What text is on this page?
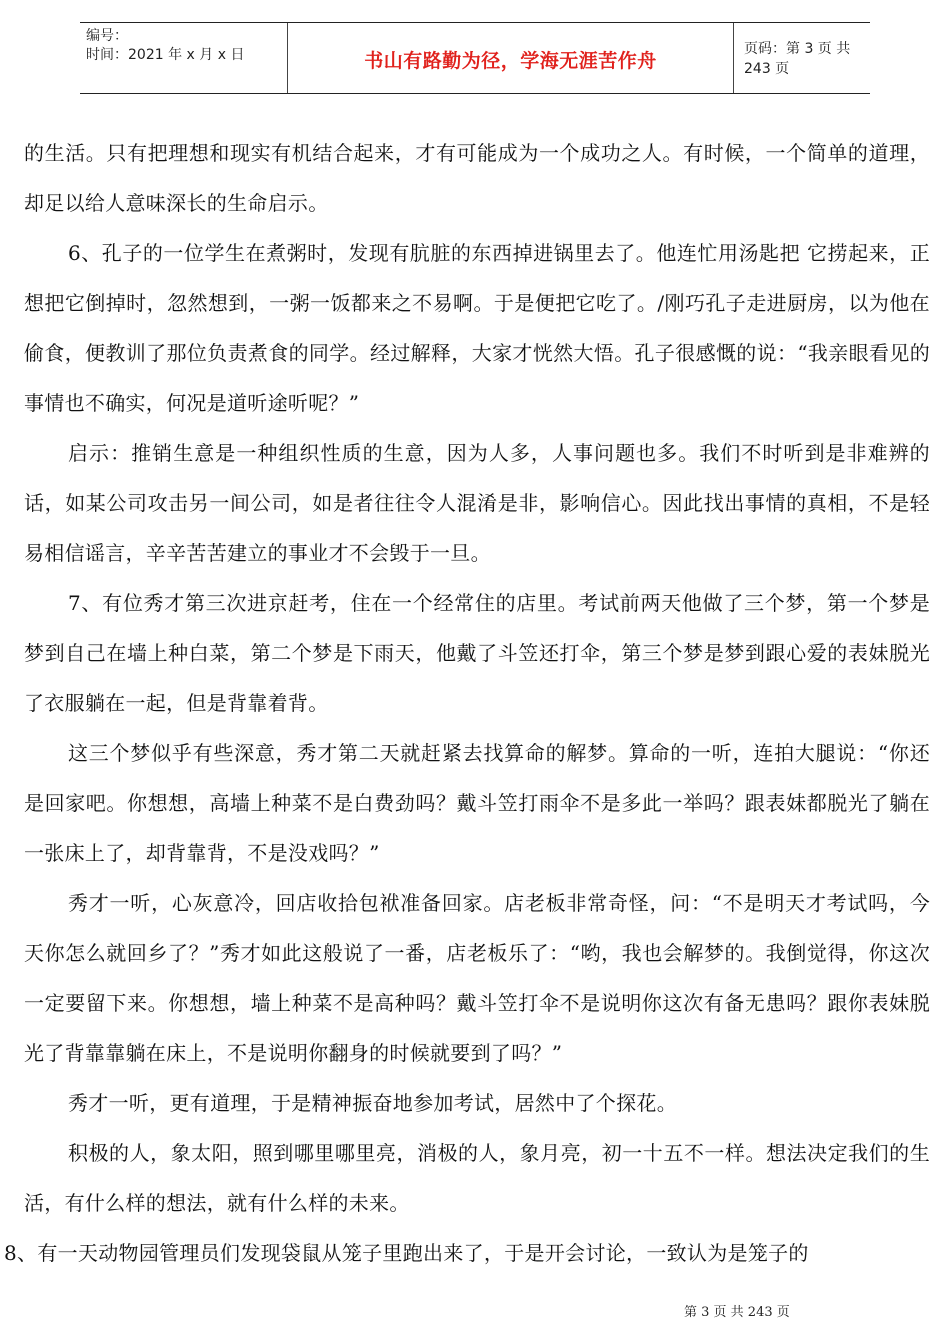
编号：
时间：2021 年 x 月 x 日	书山有路勤为径，学海无涯苦作舟
页码：第 3 页 共 243 页

的生活。只有把理想和现实有机结合起来，才有可能成为一个成功之人。有时候，一个简单的道理，却足以给人意味深长的生命启示。

6、孔子的一位学生在煮粥时，发现有肮脏的东西掉进锅里去了。他连忙用汤匙把 它捞起来，正想把它倒掉时，忽然想到，一粥一饭都来之不易啊。于是便把它吃了。/刚巧孔子走进厨房，以为他在偷食，便教训了那位负责煮食的同学。经过解释，大家才恍然大悟。孔子很感慨的说：“我亲眼看见的事情也不确实，何况是道听途听呢？”

启示：推销生意是一种组织性质的生意，因为人多，人事问题也多。我们不时听到是非难辨的话，如某公司攻击另一间公司，如是者往往令人混淆是非，影响信心。因此找出事情的真相，不是轻易相信谣言，辛辛苦苦建立的事业才不会毁于一旦。

7、有位秀才第三次进京赶考，住在一个经常住的店里。考试前两天他做了三个梦，第一个梦是梦到自己在墙上种白菜，第二个梦是下雨天，他戴了斗笠还打伞，第三个梦是梦到跟心爱的表妹脱光了衣服躺在一起，但是背靠着背。

这三个梦似乎有些深意，秀才第二天就赶紧去找算命的解梦。算命的一听，连拍大腿说：“你还是回家吧。你想想，高墙上种菜不是白费劲吗？戴斗笠打雨伞不是多此一举吗？跟表妹都脱光了躺在一张床上了，却背靠背，不是没戏吗？”

秀才一听，心灰意冷，回店收拾包袱准备回家。店老板非常奇怪，问：“不是明天才考试吗，今天你怎么就回乡了？”秀才如此这般说了一番，店老板乐了：“哟，我也会解梦的。我倒觉得，你这次一定要留下来。你想想，墙上种菜不是高种吗？戴斗笠打伞不是说明你这次有备无患吗？跟你表妹脱光了背靠靠躺在床上，不是说明你翻身的时候就要到了吗？”

秀才一听，更有道理，于是精神振奋地参加考试，居然中了个探花。

积极的人，象太阳，照到哪里哪里亮，消极的人，象月亮，初一十五不一样。想法决定我们的生活，有什么样的想法，就有什么样的未来。

8、有一天动物园管理员们发现袋鼠从笼子里跑出来了，于是开会讨论，一致认为是笼子的

第 3 页 共 243 页
